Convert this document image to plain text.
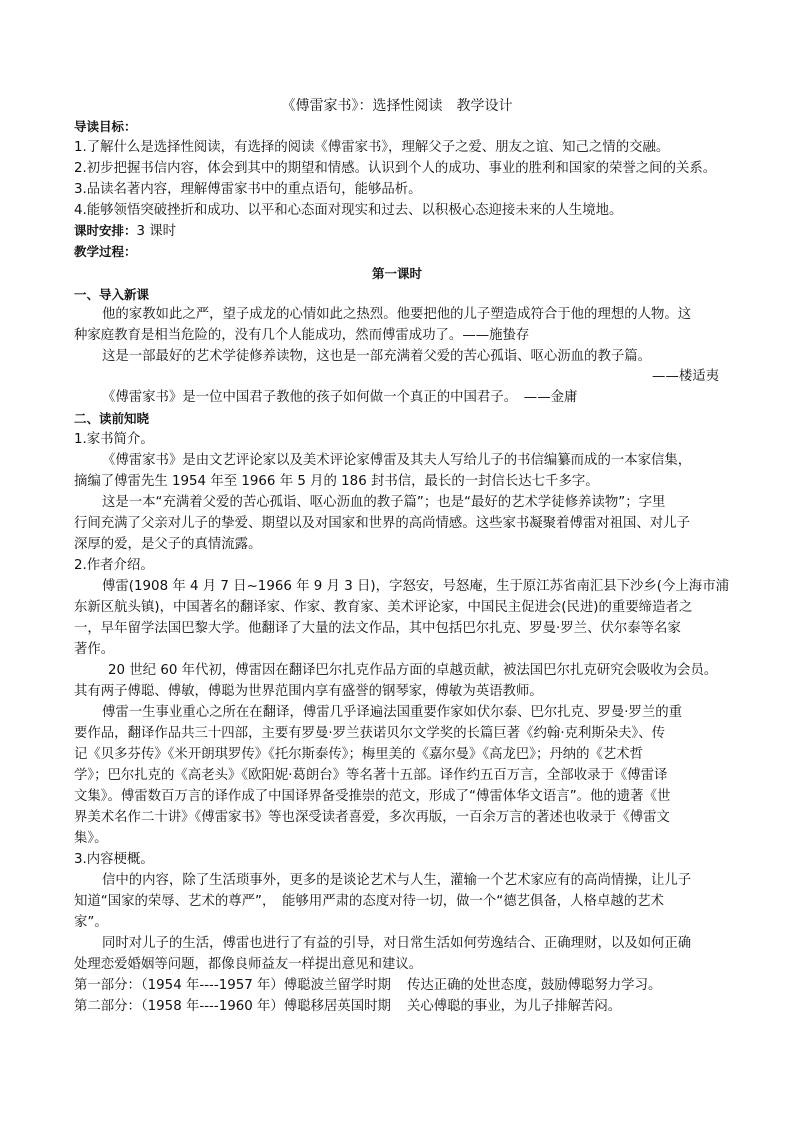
《傅雷家书》：选择性阅读　教学设计
导读目标：
1.了解什么是选择性阅读，有选择的阅读《傅雷家书》，理解父子之爱、朋友之谊、知己之情的交融。
2.初步把握书信内容，体会到其中的期望和情感。认识到个人的成功、事业的胜利和国家的荣誉之间的关系。
3.品读名著内容，理解傅雷家书中的重点语句，能够品析。
4.能够领悟突破挫折和成功、以平和心态面对现实和过去、以积极心态迎接未来的人生境地。
课时安排：3 课时
教学过程：
第一课时
一、导入新课
他的家教如此之严，望子成龙的心情如此之热烈。他要把他的儿子塑造成符合于他的理想的人物。这
种家庭教育是相当危险的，没有几个人能成功，然而傅雷成功了。——施蛰存
这是一部最好的艺术学徒修养读物，这也是一部充满着父爱的苦心孤诣、呕心沥血的教子篇。
——楼适夷
《傅雷家书》是一位中国君子教他的孩子如何做一个真正的中国君子。　——金庸
二、读前知晓
1.家书简介。
《傅雷家书》是由文艺评论家以及美术评论家傅雷及其夫人写给儿子的书信编纂而成的一本家信集，
摘编了傅雷先生 1954 年至 1966 年 5 月的 186 封书信，最长的一封信长达七千多字。
这是一本“充满着父爱的苦心孤诣、呕心沥血的教子篇”；也是“最好的艺术学徒修养读物”；字里
行间充满了父亲对儿子的挚爱、期望以及对国家和世界的高尚情感。这些家书凝聚着傅雷对祖国、对儿子
深厚的爱，是父子的真情流露。
2.作者介绍。
傅雷(1908 年 4 月 7 日~1966 年 9 月 3 日)，字怒安，号怒庵，生于原江苏省南汇县下沙乡(今上海市浦
东新区航头镇)，中国著名的翻译家、作家、教育家、美术评论家，中国民主促进会(民进)的重要缔造者之
一，早年留学法国巴黎大学。他翻译了大量的法文作品，其中包括巴尔扎克、罗曼·罗兰、伏尔泰等名家
著作。
20 世纪 60 年代初，傅雷因在翻译巴尔扎克作品方面的卓越贡献，被法国巴尔扎克研究会吸收为会员。
其有两子傅聪、傅敏，傅聪为世界范围内享有盛誉的钢琴家，傅敏为英语教师。
傅雷一生事业重心之所在在翻译，傅雷几乎译遍法国重要作家如伏尔泰、巴尔扎克、罗曼·罗兰的重
要作品，翻译作品共三十四部，主要有罗曼·罗兰获诺贝尔文学奖的长篇巨著《约翰·克利斯朵夫》、传
记《贝多芬传》《米开朗琪罗传》《托尔斯泰传》；梅里美的《嘉尔曼》《高龙巴》；丹纳的《艺术哲
学》；巴尔扎克的《高老头》《欧阳妮·葛朗台》等名著十五部。译作约五百万言，全部收录于《傅雷译
文集》。傅雷数百万言的译作成了中国译界备受推崇的范文，形成了“傅雷体华文语言”。他的遗著《世
界美术名作二十讲》《傅雷家书》等也深受读者喜爱，多次再版，一百余万言的著述也收录于《傅雷文
集》。
3.内容梗概。
信中的内容，除了生活琐事外，更多的是谈论艺术与人生，灌输一个艺术家应有的高尚情操，让儿子
知道“国家的荣辱、艺术的尊严”，　能够用严肃的态度对待一切，做一个“德艺俱备，人格卓越的艺术
家”。
同时对儿子的生活，傅雷也进行了有益的引导，对日常生活如何劳逸结合、正确理财，以及如何正确
处理恋爱婚姻等问题，都像良师益友一样提出意见和建议。
第一部分：（1954 年----1957 年）傅聪波兰留学时期 传达正确的处世态度，鼓励傅聪努力学习。
第二部分：（1958 年----1960 年）傅聪移居英国时期 关心傅聪的事业，为儿子排解苦闷。
